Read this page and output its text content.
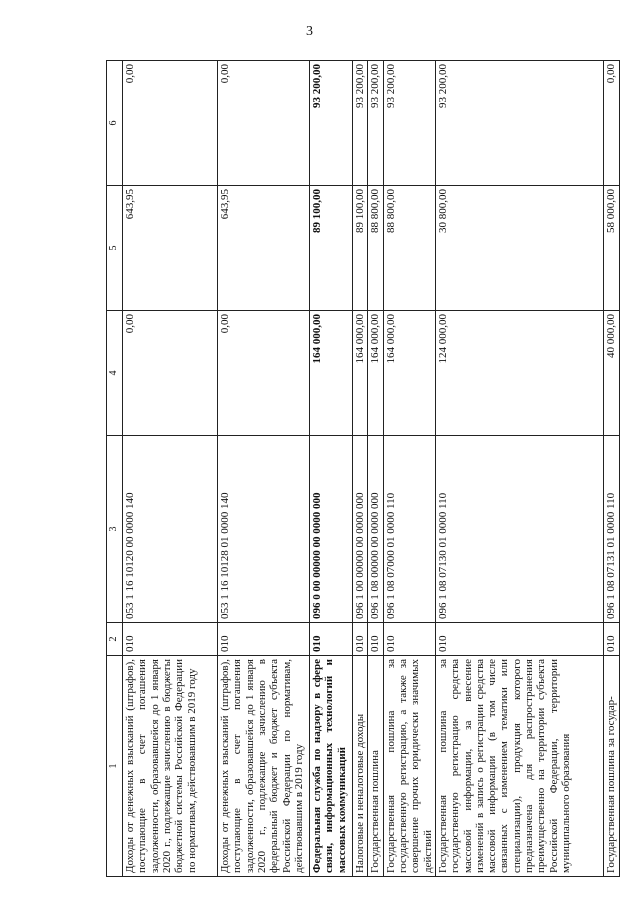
3
1	2	3	4	5	6
Доходы от денежных взысканий (штрафов), поступающие в счет погашения задолженности, образовавшейся до 1 января 2020 г., подлежащие зачислению в бюджеты бюджетной системы Российской Федерации по нормативам, действовавшим в 2019 году	010	053 1 16 10120 00 0000 140	0,00	643,95	0,00
Доходы от денежных взысканий (штрафов), поступающие в счет погашения задолженности, образовавшейся до 1 января 2020 г., подлежащие зачислению в федеральный бюджет и бюджет субъекта Российской Федерации по нормативам, действовавшим в 2019 году	010	053 1 16 10128 01 0000 140	0,00	643,95	0,00
Федеральная служба по надзору в сфере связи, информационных технологий и массовых коммуникаций	010	096 0 00 00000 00 0000 000	164 000,00	89 100,00	93 200,00
Налоговые и неналоговые доходы	010	096 1 00 00000 00 0000 000	164 000,00	89 100,00	93 200,00
Государственная пошлина	010	096 1 08 00000 00 0000 000	164 000,00	88 800,00	93 200,00
Государственная пошлина за государственную регистрацию, а также за совершение прочих юридически значимых действий	010	096 1 08 07000 01 0000 110	164 000,00	88 800,00	93 200,00
Государственная пошлина за государственную регистрацию средства массовой информации, за внесение изменений в запись о регистрации средства массовой информации (в том числе связанных с изменением тематики или специализации), продукция которого предназначена для распространения преимущественно на территории субъекта Российской Федерации, территории муниципального образования	010	096 1 08 07130 01 0000 110	124 000,00	30 800,00	93 200,00
Государственная пошлина за государ-	010	096 1 08 07131 01 0000 110	40 000,00	58 000,00	0,00
